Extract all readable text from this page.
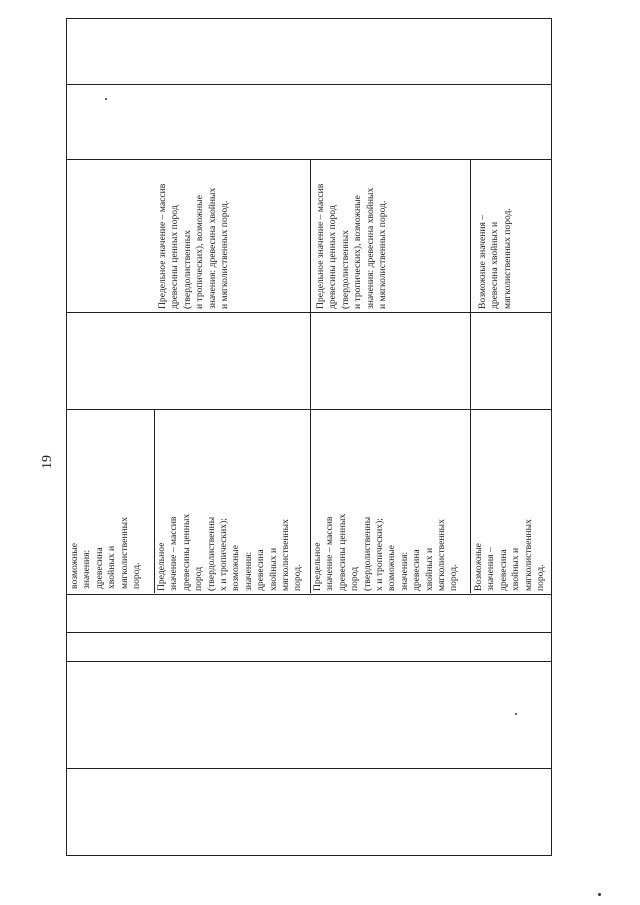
19

возможные значения: древесина хвойных и мягколиственных пород. Предельное значение – массив древесины ценных пород (твердолиственны х и тропических); возможные значения: древесина хвойных и мягколиственных пород. Предельное значение – массив древесины ценных пород (твердолиственны х и тропических); возможные значения: древесина хвойных и мягколиственных пород. Возможные значения – древесина хвойных и мягколиственных пород.

Предельное значение – массив древесины ценных пород (твердолиственных и тропических), возможные значения: древесина хвойных и мягколиственных пород.	Предельное значение – массив древесины ценных пород (твердолиственных и тропических), возможные значения: древесина хвойных и мягколиственных пород.	Возможные значения – древесина хвойных и мягколиственных пород.
